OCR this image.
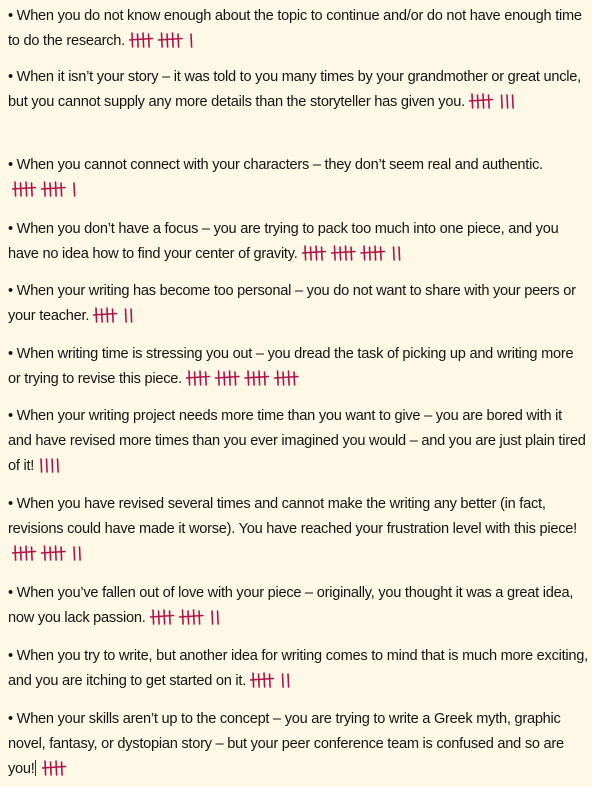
• When you do not know enough about the topic to continue and/or do not have enough time to do the research.
• When it isn’t your story – it was told to you many times by your grandmother or great uncle, but you cannot supply any more details than the storyteller has given you.
• When you cannot connect with your characters – they don’t seem real and authentic.
• When you don’t have a focus – you are trying to pack too much into one piece, and you have no idea how to find your center of gravity.
• When your writing has become too personal – you do not want to share with your peers or your teacher.
• When writing time is stressing you out – you dread the task of picking up and writing more or trying to revise this piece.
• When your writing project needs more time than you want to give – you are bored with it and have revised more times than you ever imagined you would – and you are just plain tired of it!
• When you have revised several times and cannot make the writing any better (in fact, revisions could have made it worse). You have reached your frustration level with this piece!
• When you’ve fallen out of love with your piece – originally, you thought it was a great idea, now you lack passion.
• When you try to write, but another idea for writing comes to mind that is much more exciting, and you are itching to get started on it.
• When your skills aren’t up to the concept – you are trying to write a Greek myth, graphic novel, fantasy, or dystopian story – but your peer conference team is confused and so are you!
